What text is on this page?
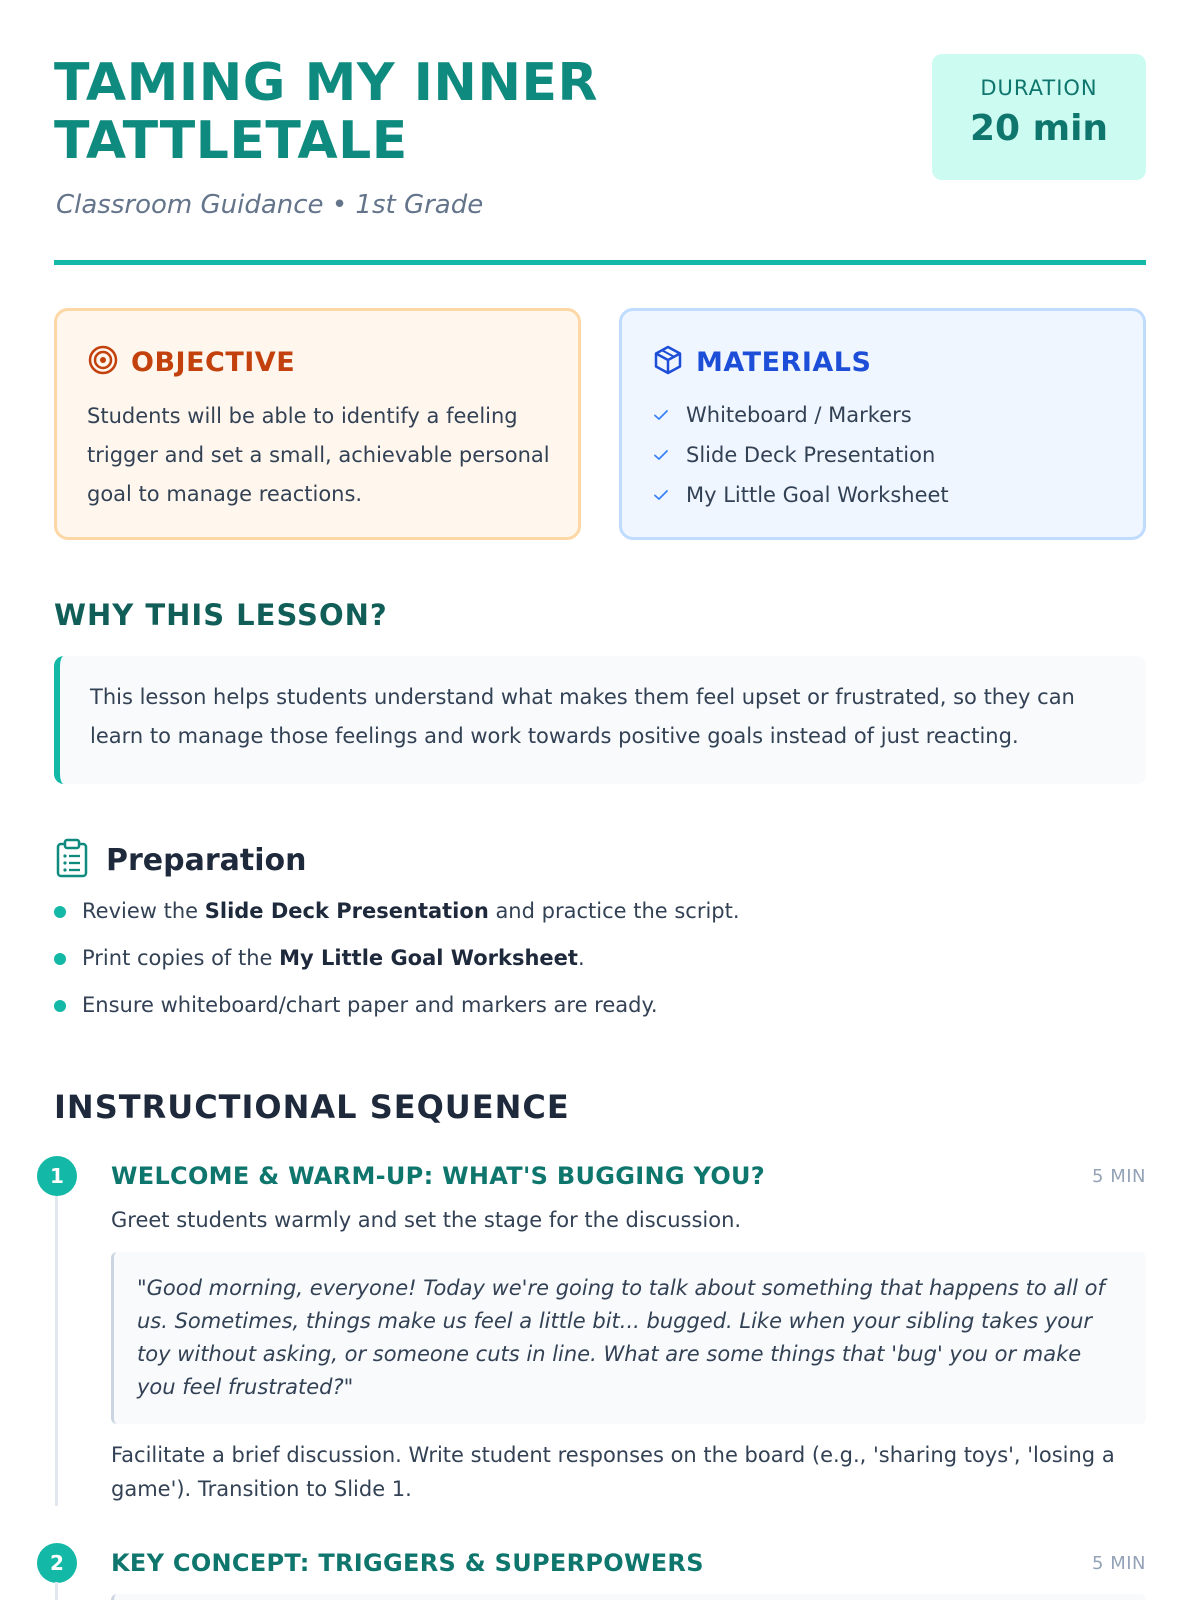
TAMING MY INNER TATTLETALE
Classroom Guidance • 1st Grade
DURATION
20 min
OBJECTIVE

Students will be able to identify a feeling trigger and set a small, achievable personal goal to manage reactions.

MATERIALS
Whiteboard / Markers
Slide Deck Presentation
My Little Goal Worksheet
WHY THIS LESSON?

This lesson helps students understand what makes them feel upset or frustrated, so they can learn to manage those feelings and work towards positive goals instead of just reacting.

Preparation
Review the Slide Deck Presentation and practice the script.
Print copies of the My Little Goal Worksheet.
Ensure whiteboard/chart paper and markers are ready.
INSTRUCTIONAL SEQUENCE
1	WELCOME & WARM-UP: WHAT'S BUGGING YOU?	5 MIN
Greet students warmly and set the stage for the discussion.

"Good morning, everyone! Today we're going to talk about something that happens to all of us. Sometimes, things make us feel a little bit... bugged. Like when your sibling takes your toy without asking, or someone cuts in line. What are some things that 'bug' you or make you feel frustrated?"

Facilitate a brief discussion. Write student responses on the board (e.g., 'sharing toys', 'losing a game'). Transition to Slide 1.

2	KEY CONCEPT: TRIGGERS & SUPERPOWERS	5 MIN
